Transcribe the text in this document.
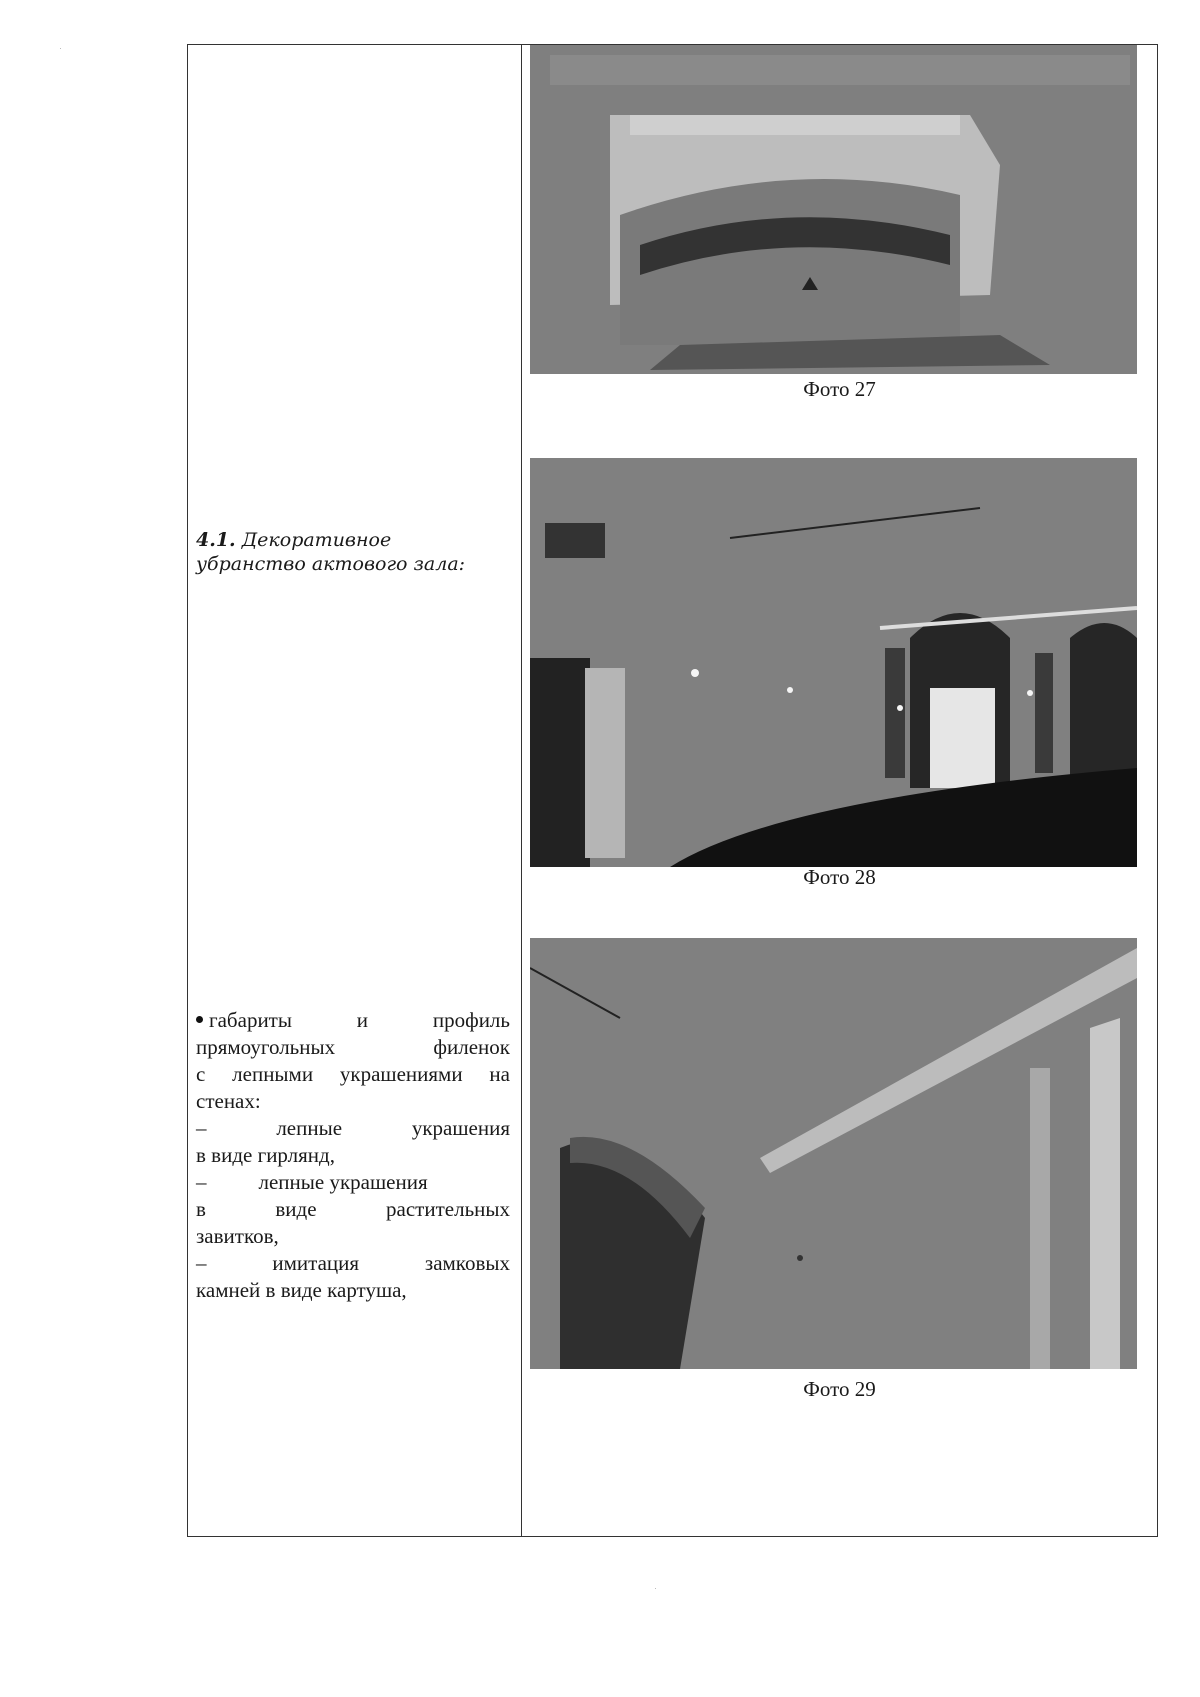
4.1. Декоративное убранство актового зала:

габариты	и	профиль

прямоугольных	филенок

с лепными украшениями на

стенах:

–	лепные	украшения

в виде гирлянд,

– лепные украшения

в	виде	растительных

завитков,

–	имитация	замковых

камней в виде картуша,

Фото 27
Фото 28
Фото 29
